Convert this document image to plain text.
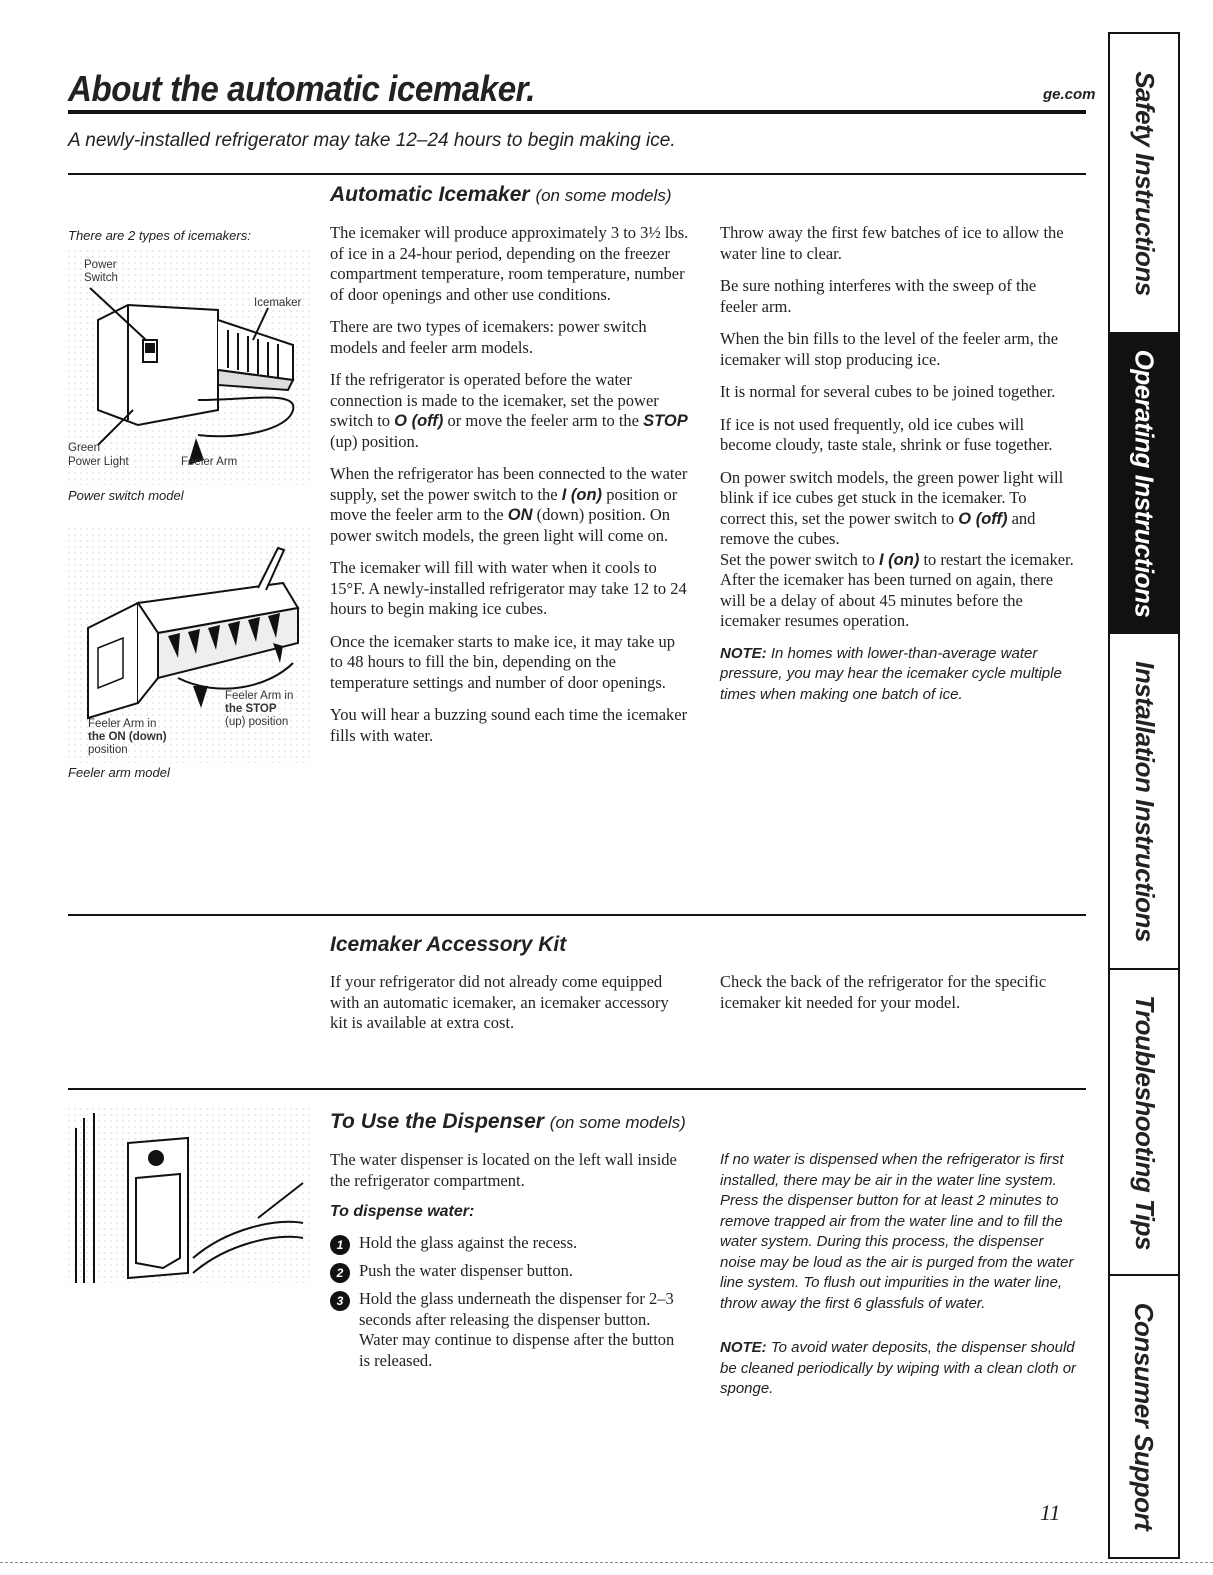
About the automatic icemaker.	ge.com
A newly-installed refrigerator may take 12–24 hours to begin making ice.
Automatic Icemaker (on some models)
There are 2 types of icemakers:
Power
Switch
Icemaker
Green
Power Light	Feeler Arm
Power switch model
Feeler Arm in
the STOP
(up) position
Feeler Arm in
the ON (down)
position
Feeler arm model

The icemaker will produce approximately 3 to 3½ lbs. of ice in a 24-hour period, depending on the freezer compartment temperature, room temperature, number of door openings and other use conditions.

There are two types of icemakers: power switch models and feeler arm models.

If the refrigerator is operated before the water connection is made to the icemaker, set the power switch to O (off) or move the feeler arm to the STOP (up) position.

When the refrigerator has been connected to the water supply, set the power switch to the I (on) position or move the feeler arm to the ON (down) position. On power switch models, the green light will come on.

The icemaker will fill with water when it cools to 15°F. A newly-installed refrigerator may take 12 to 24 hours to begin making ice cubes.

Once the icemaker starts to make ice, it may take up to 48 hours to fill the bin, depending on the temperature settings and number of door openings.

You will hear a buzzing sound each time the icemaker fills with water.

Throw away the first few batches of ice to allow the water line to clear.

Be sure nothing interferes with the sweep of the feeler arm.

When the bin fills to the level of the feeler arm, the icemaker will stop producing ice.

It is normal for several cubes to be joined together.

If ice is not used frequently, old ice cubes will become cloudy, taste stale, shrink or fuse together.

On power switch models, the green power light will blink if ice cubes get stuck in the icemaker. To correct this, set the power switch to O (off) and remove the cubes.

Set the power switch to I (on) to restart the icemaker. After the icemaker has been turned on again, there will be a delay of about 45 minutes before the icemaker resumes operation.

NOTE: In homes with lower-than-average water pressure, you may hear the icemaker cycle multiple times when making one batch of ice.
Icemaker Accessory Kit

If your refrigerator did not already come equipped with an automatic icemaker, an icemaker accessory kit is available at extra cost.

Check the back of the refrigerator for the specific icemaker kit needed for your model.

To Use the Dispenser (on some models)

The water dispenser is located on the left wall inside the refrigerator compartment.

To dispense water:
1 Hold the glass against the recess.
2 Push the water dispenser button.
3 Hold the glass underneath the dispenser for 2–3 seconds after releasing the dispenser button. Water may continue to dispense after the button is released.
If no water is dispensed when the refrigerator is first installed, there may be air in the water line system. Press the dispenser button for at least 2 minutes to remove trapped air from the water line and to fill the water system. During this process, the dispenser noise may be loud as the air is purged from the water line system. To flush out impurities in the water line, throw away the first 6 glassfuls of water.
NOTE: To avoid water deposits, the dispenser should be cleaned periodically by wiping with a clean cloth or sponge.
11
Safety Instructions
Operating Instructions
Installation Instructions
Troubleshooting Tips
Consumer Support
